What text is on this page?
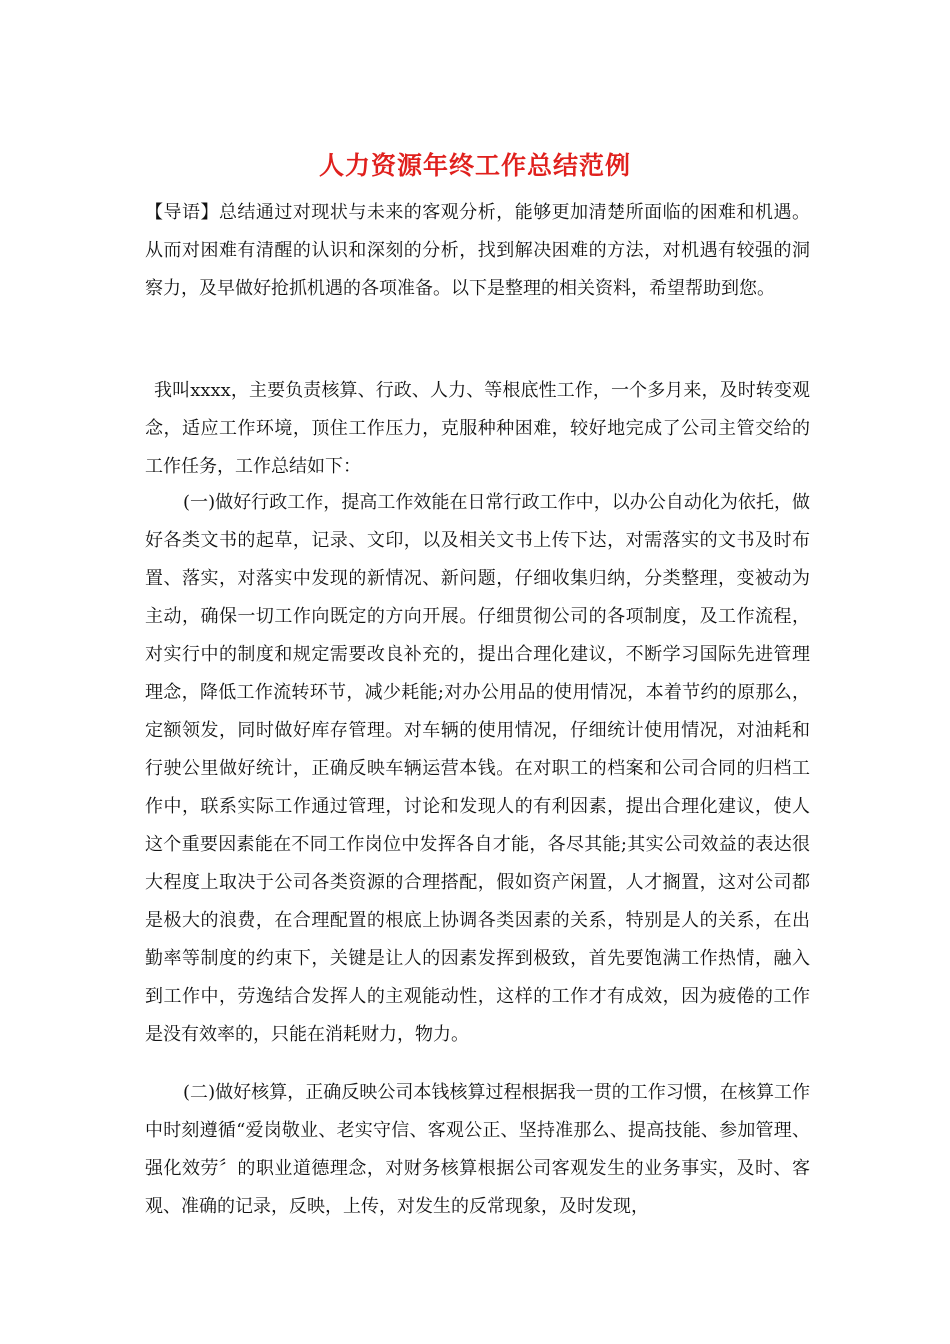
人力资源年终工作总结范例

【导语】总结通过对现状与未来的客观分析，能够更加清楚所面临的困难和机遇。从而对困难有清醒的认识和深刻的分析，找到解决困难的方法，对机遇有较强的洞察力，及早做好抢抓机遇的各项准备。以下是整理的相关资料，希望帮助到您。

我叫xxxx，主要负责核算、行政、人力、等根底性工作，一个多月来，及时转变观念，适应工作环境，顶住工作压力，克服种种困难，较好地完成了公司主管交给的工作任务，工作总结如下：

(一)做好行政工作，提高工作效能在日常行政工作中，以办公自动化为依托，做好各类文书的起草，记录、文印，以及相关文书上传下达，对需落实的文书及时布置、落实，对落实中发现的新情况、新问题，仔细收集归纳，分类整理，变被动为主动，确保一切工作向既定的方向开展。仔细贯彻公司的各项制度，及工作流程，对实行中的制度和规定需要改良补充的，提出合理化建议，不断学习国际先进管理理念，降低工作流转环节，减少耗能;对办公用品的使用情况，本着节约的原那么，定额领发，同时做好库存管理。对车辆的使用情况，仔细统计使用情况，对油耗和行驶公里做好统计，正确反映车辆运营本钱。在对职工的档案和公司合同的归档工作中，联系实际工作通过管理，讨论和发现人的有利因素，提出合理化建议，使人这个重要因素能在不同工作岗位中发挥各自才能，各尽其能;其实公司效益的表达很大程度上取决于公司各类资源的合理搭配，假如资产闲置，人才搁置，这对公司都是极大的浪费，在合理配置的根底上协调各类因素的关系，特别是人的关系，在出勤率等制度的约束下，关键是让人的因素发挥到极致，首先要饱满工作热情，融入到工作中，劳逸结合发挥人的主观能动性，这样的工作才有成效，因为疲倦的工作是没有效率的，只能在消耗财力，物力。

(二)做好核算，正确反映公司本钱核算过程根据我一贯的工作习惯，在核算工作中时刻遵循“爱岗敬业、老实守信、客观公正、坚持准那么、提高技能、参加管理、强化效劳〞的职业道德理念，对财务核算根据公司客观发生的业务事实，及时、客观、准确的记录，反映，上传，对发生的反常现象，及时发现，
